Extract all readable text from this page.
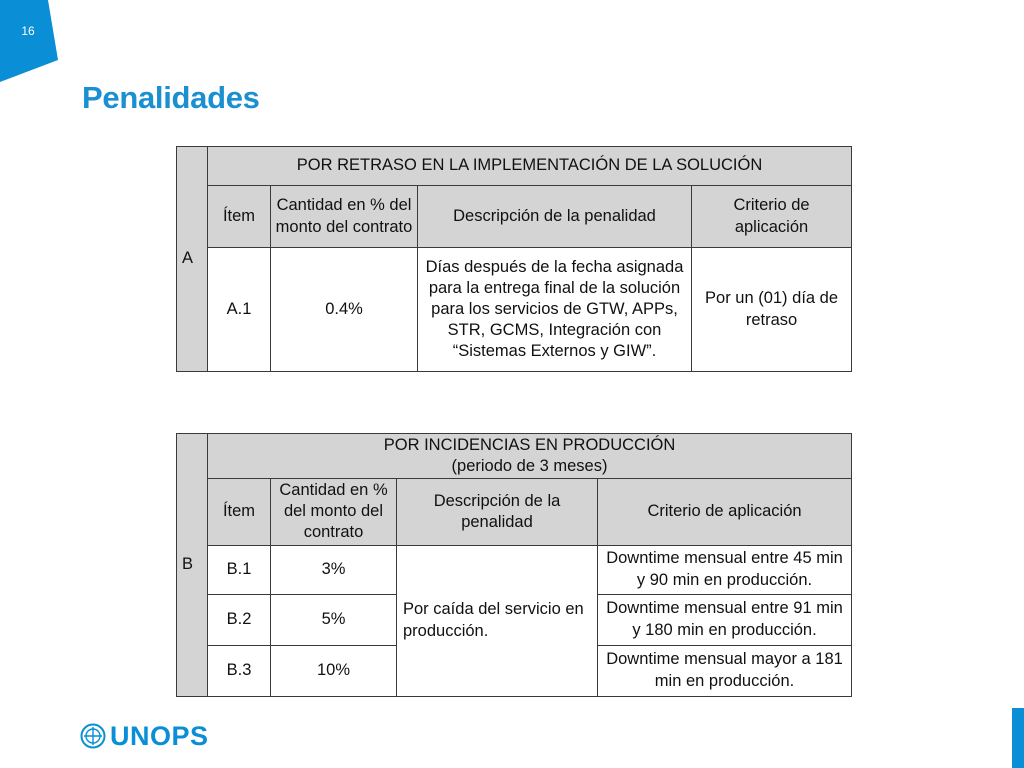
16
Penalidades
A	POR RETRASO EN LA IMPLEMENTACIÓN DE LA SOLUCIÓN			
	Ítem	Cantidad en % del monto del contrato	Descripción de la penalidad	Criterio de aplicación
	A.1	0.4%	Días después de la fecha asignada para la entrega final de la solución para los servicios de GTW, APPs, STR, GCMS, Integración con “Sistemas Externos y GIW”.	Por un (01) día de retraso
B	POR INCIDENCIAS EN PRODUCCIÓN
(periodo de 3 meses)			

	Ítem	Cantidad en % del monto del contrato	Descripción de la penalidad	Criterio de aplicación
	B.1	3%	Por caída del servicio en producción.	Downtime mensual entre 45 min y 90 min en producción.
	B.2	5%		Downtime mensual entre 91 min y 180 min en producción.
	B.3	10%		Downtime mensual mayor a 181 min en producción.
UNOPS
